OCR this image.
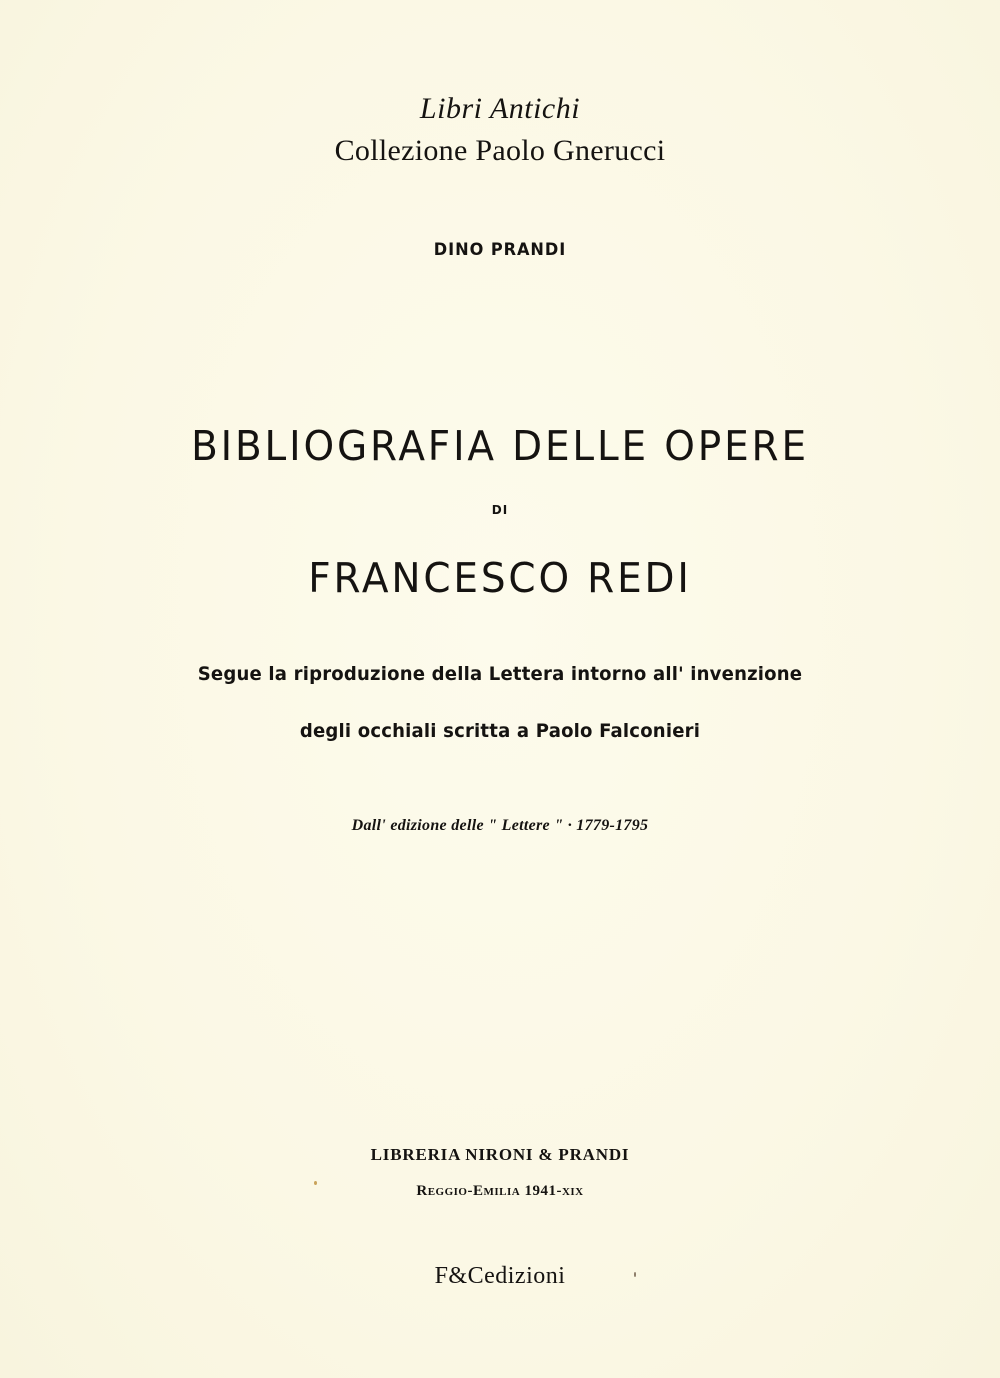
Libri Antichi
Collezione Paolo Gnerucci
DINO PRANDI
BIBLIOGRAFIA DELLE OPERE
DI
FRANCESCO REDI
Segue la riproduzione della Lettera intorno all' invenzione
degli occhiali scritta a Paolo Falconieri
Dall' edizione delle " Lettere " · 1779-1795
LIBRERIA NIRONI & PRANDI
Reggio-Emilia 1941-xix
F&Cedizioni
